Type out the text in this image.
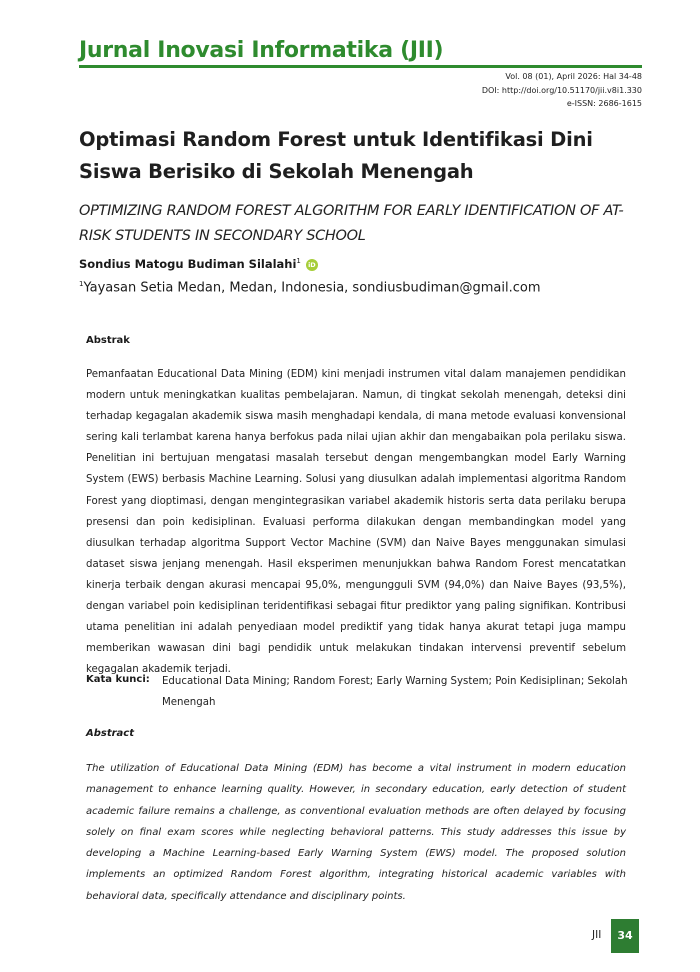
Jurnal Inovasi Informatika (JII)
Vol. 08 (01), April 2026: Hal 34-48
DOI: http://doi.org/10.51170/jii.v8i1.330
e-ISSN: 2686-1615
Optimasi Random Forest untuk Identifikasi Dini Siswa Berisiko di Sekolah Menengah
OPTIMIZING RANDOM FOREST ALGORITHM FOR EARLY IDENTIFICATION OF AT-RISK STUDENTS IN SECONDARY SCHOOL
Sondius Matogu Budiman Silalahi$^1$ iD
$^1$Yayasan Setia Medan, Medan, Indonesia, sondiusbudiman@gmail.com
Abstrak
Pemanfaatan Educational Data Mining (EDM) kini menjadi instrumen vital dalam manajemen pendidikan modern untuk meningkatkan kualitas pembelajaran. Namun, di tingkat sekolah menengah, deteksi dini terhadap kegagalan akademik siswa masih menghadapi kendala, di mana metode evaluasi konvensional sering kali terlambat karena hanya berfokus pada nilai ujian akhir dan mengabaikan pola perilaku siswa. Penelitian ini bertujuan mengatasi masalah tersebut dengan mengembangkan model Early Warning System (EWS) berbasis Machine Learning. Solusi yang diusulkan adalah implementasi algoritma Random Forest yang dioptimasi, dengan mengintegrasikan variabel akademik historis serta data perilaku berupa presensi dan poin kedisiplinan. Evaluasi performa dilakukan dengan membandingkan model yang diusulkan terhadap algoritma Support Vector Machine (SVM) dan Naive Bayes menggunakan simulasi dataset siswa jenjang menengah. Hasil eksperimen menunjukkan bahwa Random Forest mencatatkan kinerja terbaik dengan akurasi mencapai 95,0%, mengungguli SVM (94,0%) dan Naive Bayes (93,5%), dengan variabel poin kedisiplinan teridentifikasi sebagai fitur prediktor yang paling signifikan. Kontribusi utama penelitian ini adalah penyediaan model prediktif yang tidak hanya akurat tetapi juga mampu memberikan wawasan dini bagi pendidik untuk melakukan tindakan intervensi preventif sebelum kegagalan akademik terjadi.
Kata kunci: Educational Data Mining; Random Forest; Early Warning System; Poin Kedisiplinan; Sekolah Menengah
Abstract
The utilization of Educational Data Mining (EDM) has become a vital instrument in modern education management to enhance learning quality. However, in secondary education, early detection of student academic failure remains a challenge, as conventional evaluation methods are often delayed by focusing solely on final exam scores while neglecting behavioral patterns. This study addresses this issue by developing a Machine Learning-based Early Warning System (EWS) model. The proposed solution implements an optimized Random Forest algorithm, integrating historical academic variables with behavioral data, specifically attendance and disciplinary points.
JII	34
